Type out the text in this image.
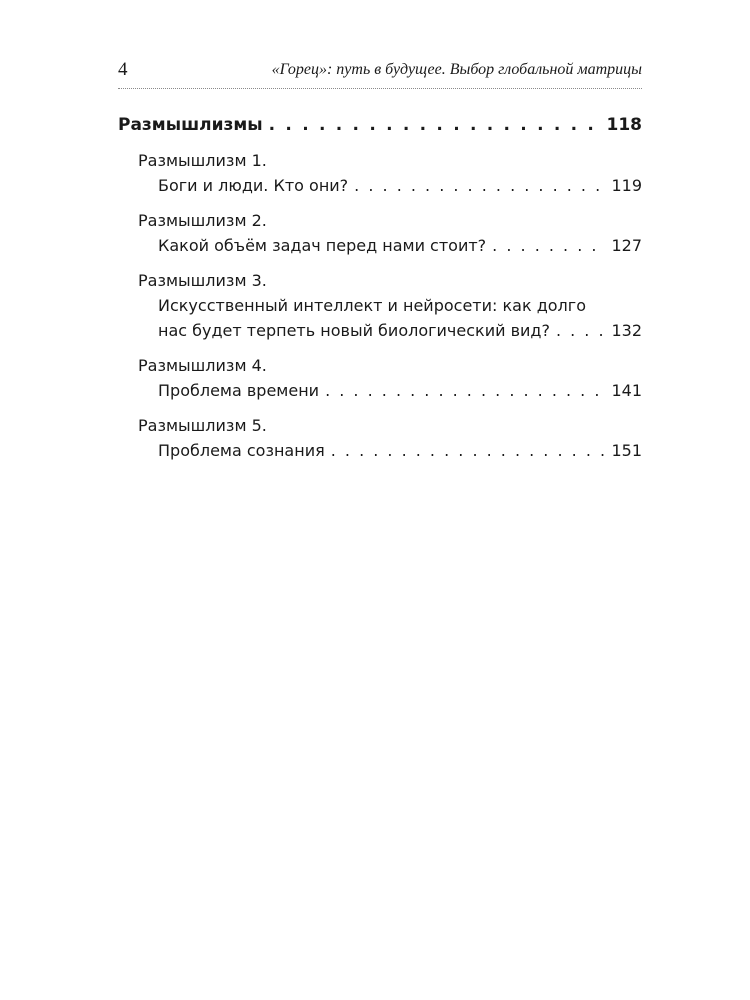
4	«Горец»: путь в будущее. Выбор глобальной матрицы
Размышлизмы . . .	118
Размышлизм 1.
Боги и люди. Кто они? . . .	119
Размышлизм 2.
Какой объём задач перед нами стоит? . . .	127
Размышлизм 3.
Искусственный интеллект и нейросети: как долго
нас будет терпеть новый биологический вид? . . .	132
Размышлизм 4.
Проблема времени . . .	141
Размышлизм 5.
Проблема сознания . . .	151
